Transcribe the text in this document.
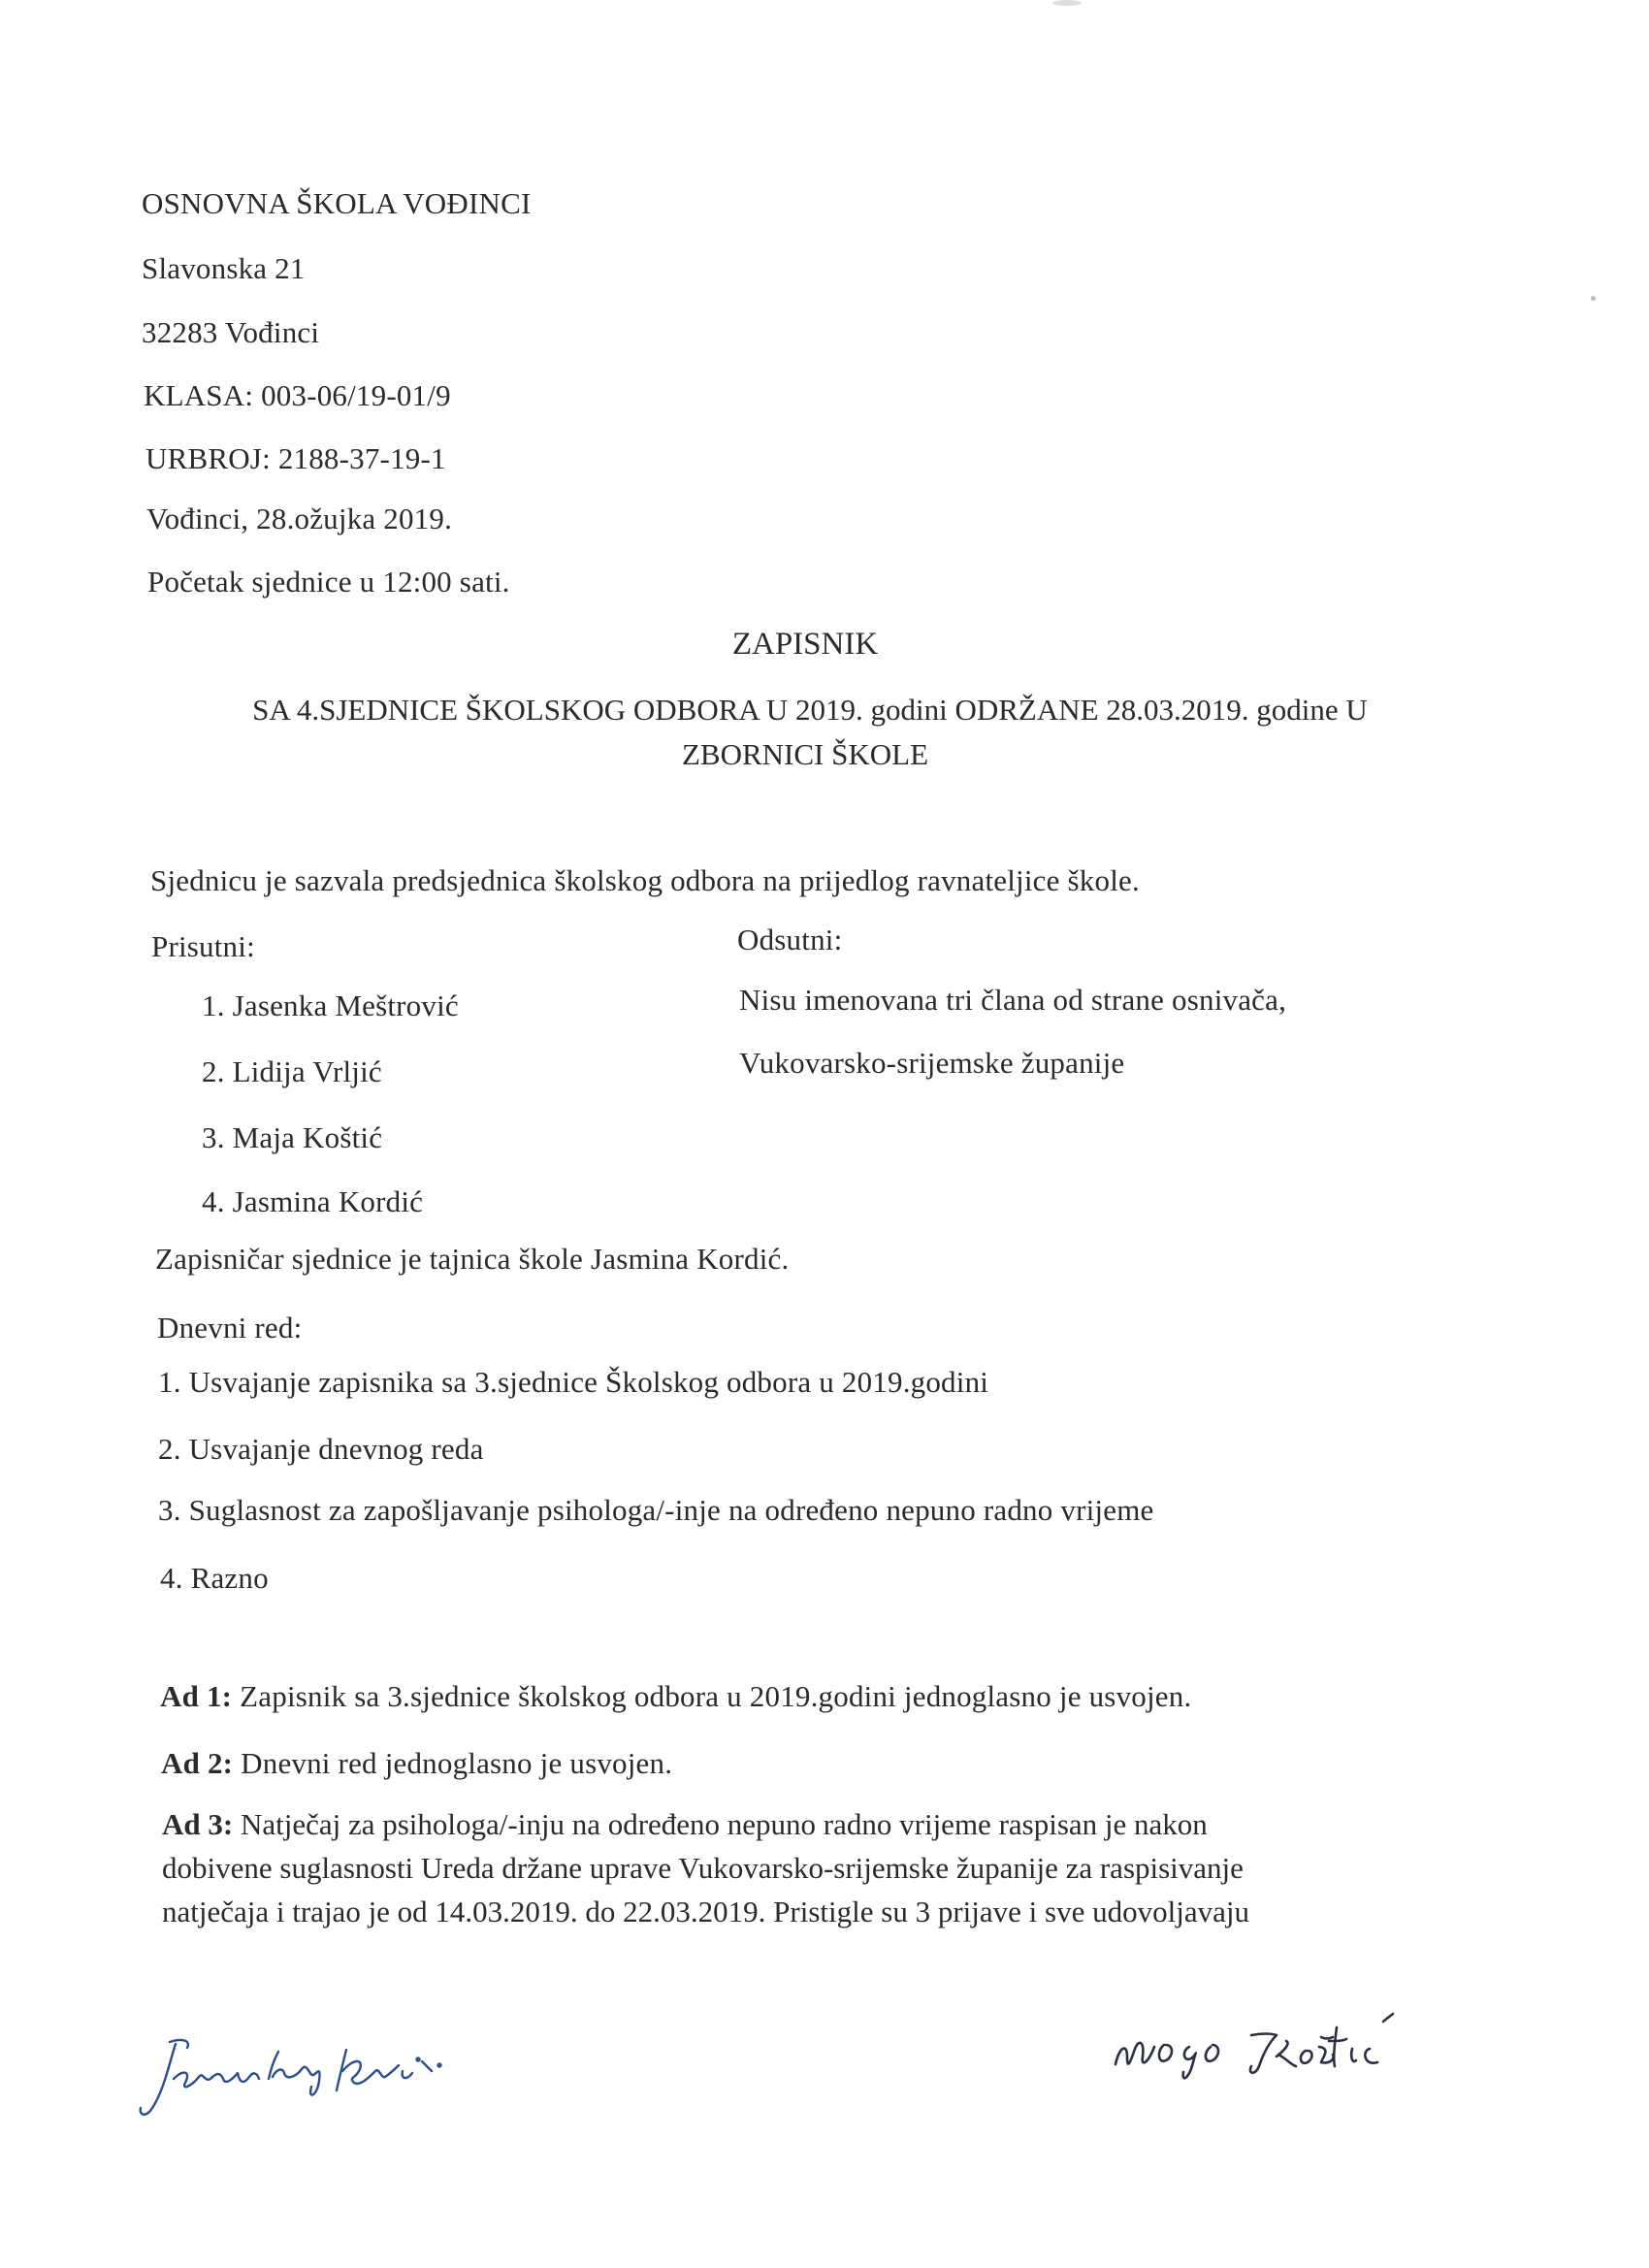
OSNOVNA ŠKOLA VOĐINCI
Slavonska 21
32283 Vođinci
KLASA: 003-06/19-01/9
URBROJ: 2188-37-19-1
Vođinci, 28.ožujka 2019.
Početak sjednice u 12:00 sati.
ZAPISNIK
SA 4.SJEDNICE ŠKOLSKOG ODBORA U 2019. godini ODRŽANE 28.03.2019. godine U
ZBORNICI ŠKOLE
Sjednicu je sazvala predsjednica školskog odbora na prijedlog ravnateljice škole.
Prisutni:	Odsutni:
1. Jasenka Meštrović
2. Lidija Vrljić
3. Maja Koštić
4. Jasmina Kordić
Nisu imenovana tri člana od strane osnivača,
Vukovarsko-srijemske županije
Zapisničar sjednice je tajnica škole Jasmina Kordić.
Dnevni red:
1. Usvajanje zapisnika sa 3.sjednice Školskog odbora u 2019.godini
2. Usvajanje dnevnog reda
3. Suglasnost za zapošljavanje psihologa/-inje na određeno nepuno radno vrijeme
4. Razno
Ad 1: Zapisnik sa 3.sjednice školskog odbora u 2019.godini jednoglasno je usvojen.
Ad 2: Dnevni red jednoglasno je usvojen.
Ad 3: Natječaj za psihologa/-inju na određeno nepuno radno vrijeme raspisan je nakon
dobivene suglasnosti Ureda držane uprave Vukovarsko-srijemske županije za raspisivanje
natječaja i trajao je od 14.03.2019. do 22.03.2019. Pristigle su 3 prijave i sve udovoljavaju
